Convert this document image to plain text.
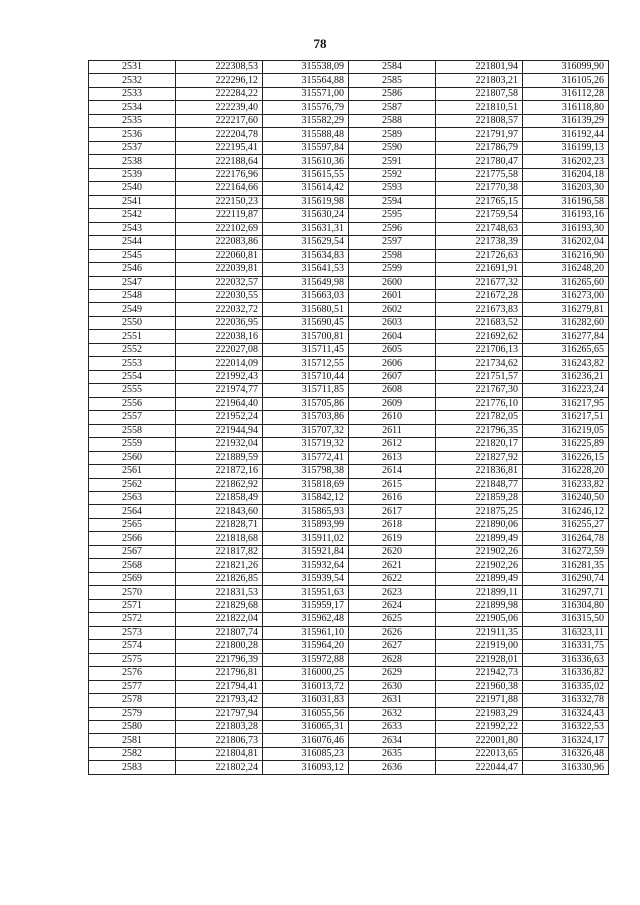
78
2531	222308,53	315538,09	2584	221801,94	316099,90
2532	222296,12	315564,88	2585	221803,21	316105,26
2533	222284,22	315571,00	2586	221807,58	316112,28
2534	222239,40	315576,79	2587	221810,51	316118,80
2535	222217,60	315582,29	2588	221808,57	316139,29
2536	222204,78	315588,48	2589	221791,97	316192,44
2537	222195,41	315597,84	2590	221786,79	316199,13
2538	222188,64	315610,36	2591	221780,47	316202,23
2539	222176,96	315615,55	2592	221775,58	316204,18
2540	222164,66	315614,42	2593	221770,38	316203,30
2541	222150,23	315619,98	2594	221765,15	316196,58
2542	222119,87	315630,24	2595	221759,54	316193,16
2543	222102,69	315631,31	2596	221748,63	316193,30
2544	222083,86	315629,54	2597	221738,39	316202,04
2545	222060,81	315634,83	2598	221726,63	316216,90
2546	222039,81	315641,53	2599	221691,91	316248,20
2547	222032,57	315649,98	2600	221677,32	316265,60
2548	222030,55	315663,03	2601	221672,28	316273,00
2549	222032,72	315680,51	2602	221673,83	316279,81
2550	222036,95	315690,45	2603	221683,52	316282,60
2551	222038,16	315700,81	2604	221692,62	316277,84
2552	222027,08	315711,45	2605	221706,13	316265,65
2553	222014,09	315712,55	2606	221734,62	316243,82
2554	221992,43	315710,44	2607	221751,57	316236,21
2555	221974,77	315711,85	2608	221767,30	316223,24
2556	221964,40	315705,86	2609	221776,10	316217,95
2557	221952,24	315703,86	2610	221782,05	316217,51
2558	221944,94	315707,32	2611	221796,35	316219,05
2559	221932,04	315719,32	2612	221820,17	316225,89
2560	221889,59	315772,41	2613	221827,92	316226,15
2561	221872,16	315798,38	2614	221836,81	316228,20
2562	221862,92	315818,69	2615	221848,77	316233,82
2563	221858,49	315842,12	2616	221859,28	316240,50
2564	221843,60	315865,93	2617	221875,25	316246,12
2565	221828,71	315893,99	2618	221890,06	316255,27
2566	221818,68	315911,02	2619	221899,49	316264,78
2567	221817,82	315921,84	2620	221902,26	316272,59
2568	221821,26	315932,64	2621	221902,26	316281,35
2569	221826,85	315939,54	2622	221899,49	316290,74
2570	221831,53	315951,63	2623	221899,11	316297,71
2571	221829,68	315959,17	2624	221899,98	316304,80
2572	221822,04	315962,48	2625	221905,06	316315,50
2573	221807,74	315961,10	2626	221911,35	316323,11
2574	221800,28	315964,20	2627	221919,00	316331,75
2575	221796,39	315972,88	2628	221928,01	316336,63
2576	221796,81	316000,25	2629	221942,73	316336,82
2577	221794,41	316013,72	2630	221960,38	316335,02
2578	221793,42	316031,83	2631	221971,88	316332,78
2579	221797,94	316055,56	2632	221983,29	316324,43
2580	221803,28	316065,31	2633	221992,22	316322,53
2581	221806,73	316076,46	2634	222001,80	316324,17
2582	221804,81	316085,23	2635	222013,65	316326,48
2583	221802,24	316093,12	2636	222044,47	316330,96
